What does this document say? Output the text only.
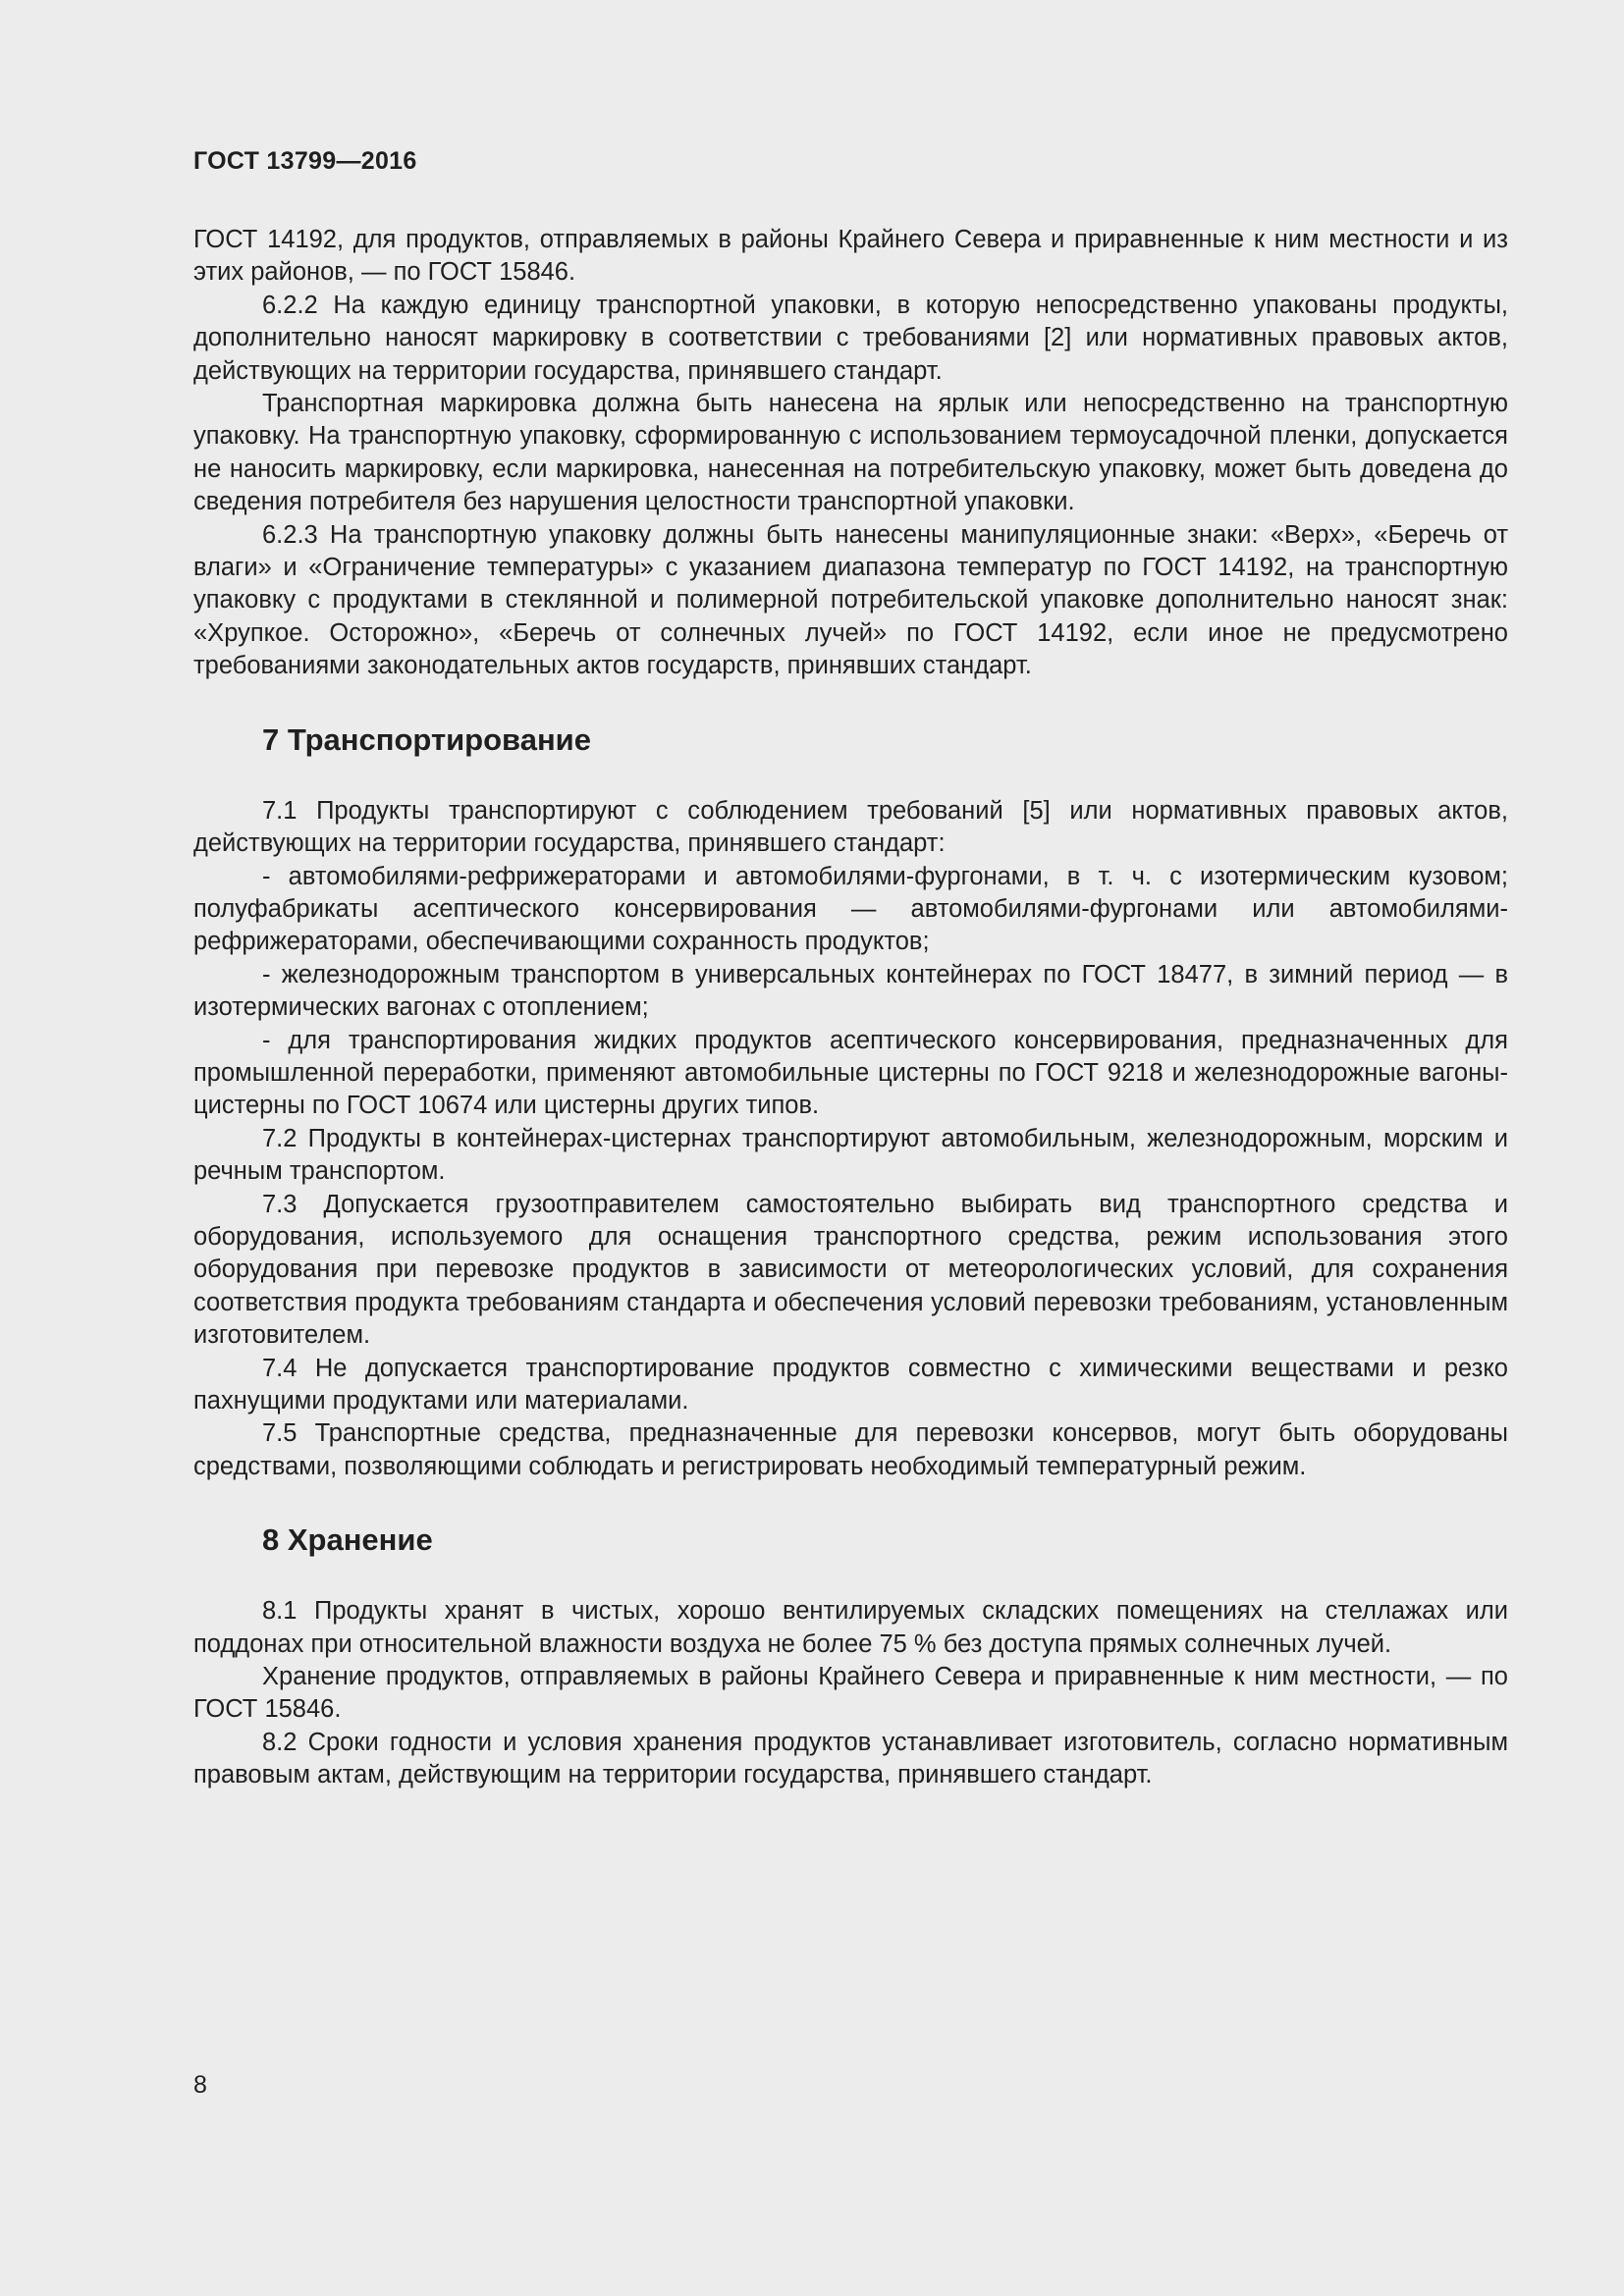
ГОСТ 13799—2016

ГОСТ 14192, для продуктов, отправляемых в районы Крайнего Севера и приравненные к ним местности и из этих районов, — по ГОСТ 15846.

6.2.2 На каждую единицу транспортной упаковки, в которую непосредственно упакованы продукты, дополнительно наносят маркировку в соответствии с требованиями [2] или нормативных правовых актов, действующих на территории государства, принявшего стандарт.

Транспортная маркировка должна быть нанесена на ярлык или непосредственно на транспортную упаковку. На транспортную упаковку, сформированную с использованием термоусадочной пленки, допускается не наносить маркировку, если маркировка, нанесенная на потребительскую упаковку, может быть доведена до сведения потребителя без нарушения целостности транспортной упаковки.

6.2.3 На транспортную упаковку должны быть нанесены манипуляционные знаки: «Верх», «Беречь от влаги» и «Ограничение температуры» с указанием диапазона температур по ГОСТ 14192, на транспортную упаковку с продуктами в стеклянной и полимерной потребительской упаковке дополнительно наносят знак: «Хрупкое. Осторожно», «Беречь от солнечных лучей» по ГОСТ 14192, если иное не предусмотрено требованиями законодательных актов государств, принявших стандарт.

7 Транспортирование

7.1 Продукты транспортируют с соблюдением требований [5] или нормативных правовых актов, действующих на территории государства, принявшего стандарт:

- автомобилями-рефрижераторами и автомобилями-фургонами, в т. ч. с изотермическим кузовом; полуфабрикаты асептического консервирования — автомобилями-фургонами или автомобилями-рефрижераторами, обеспечивающими сохранность продуктов;

- железнодорожным транспортом в универсальных контейнерах по ГОСТ 18477, в зимний период — в изотермических вагонах с отоплением;

- для транспортирования жидких продуктов асептического консервирования, предназначенных для промышленной переработки, применяют автомобильные цистерны по ГОСТ 9218 и железнодорожные вагоны-цистерны по ГОСТ 10674 или цистерны других типов.

7.2 Продукты в контейнерах-цистернах транспортируют автомобильным, железнодорожным, морским и речным транспортом.

7.3 Допускается грузоотправителем самостоятельно выбирать вид транспортного средства и оборудования, используемого для оснащения транспортного средства, режим использования этого оборудования при перевозке продуктов в зависимости от метеорологических условий, для сохранения соответствия продукта требованиям стандарта и обеспечения условий перевозки требованиям, установленным изготовителем.

7.4 Не допускается транспортирование продуктов совместно с химическими веществами и резко пахнущими продуктами или материалами.

7.5 Транспортные средства, предназначенные для перевозки консервов, могут быть оборудованы средствами, позволяющими соблюдать и регистрировать необходимый температурный режим.

8 Хранение

8.1 Продукты хранят в чистых, хорошо вентилируемых складских помещениях на стеллажах или поддонах при относительной влажности воздуха не более 75 % без доступа прямых солнечных лучей.

Хранение продуктов, отправляемых в районы Крайнего Севера и приравненные к ним местности, — по ГОСТ 15846.

8.2 Сроки годности и условия хранения продуктов устанавливает изготовитель, согласно нормативным правовым актам, действующим на территории государства, принявшего стандарт.

8
